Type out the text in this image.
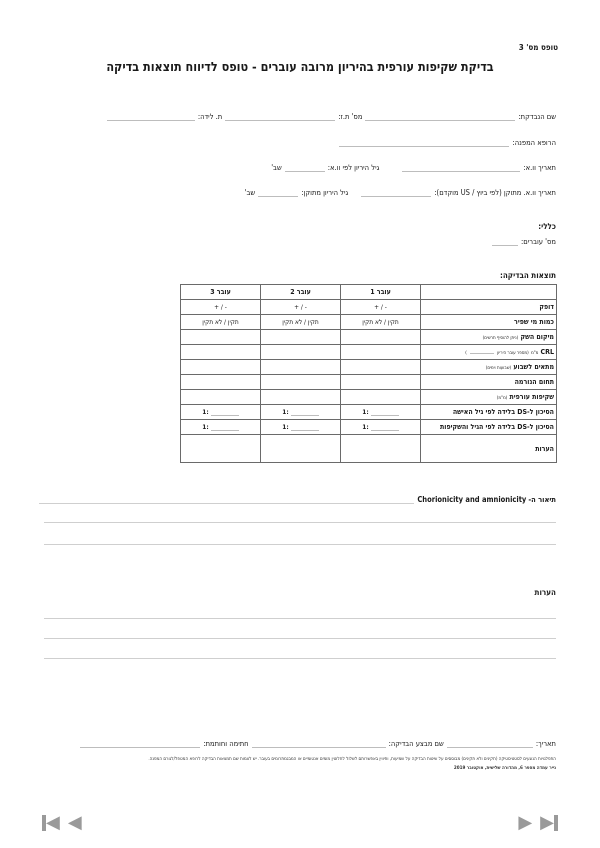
טופס מס' 3
בדיקת שקיפות עורפית בהיריון מרובה עוברים - טופס לדיווח תוצאות בדיקה
שם הנבדקת:
מס' ת.ז:
ת. לידה:
הרופא המפנה:
תאריך וו.א:
גיל היריון לפי וו.א:
שב'
תאריך וו.א. מתוקן (לפי ביוץ / US מוקדם):
גיל היריון מתוקן:
שב'
כללי:
מס' עוברים:
תוצאות הבדיקה:
	עובר 1	עובר 2	עובר 3
דופק	- / +	- / +	- / +
כמות מי שפיר	תקין / לא תקין	תקין / לא תקין	תקין / לא תקין
מיקום השק (ניתן להוסיף תרשים)			
CRL מ"מ (מספר עובר היריון  )			
מתאים לשבוע (שבועות וימים)			
תחום הנורמה			
שקיפות עורפית (מ"מ)			
הסיכון ל-DS בלידה לפי גיל האישה	1:	1:	1:

הסיכון ל-DS בלידה לפי הגיל והשקיפות	1:	1:	1:

הערות			
תיאור ה-
Chorionicity and amnionicity
הערות
תאריך:
שם מבצע הבדיקה:
חתימה וחותמת:
התפלגויות הנוגעים לסטטיסטיקה (תקינים ולא תקינים) מבוססים על שיטות הבדיקה על שמיעות, וחיווין באפשרותם לשלול לחלוטין מומים אנטומיים או המבנמתרומים בעובר. יש לצמות שם תמצאות הבדיקה לרופא המטפל/לגורם המפנה.
נייר עמדה מספר 6, מהדורה שלישית, אוקטובר 2019
◀ ◀	▶ ▶
